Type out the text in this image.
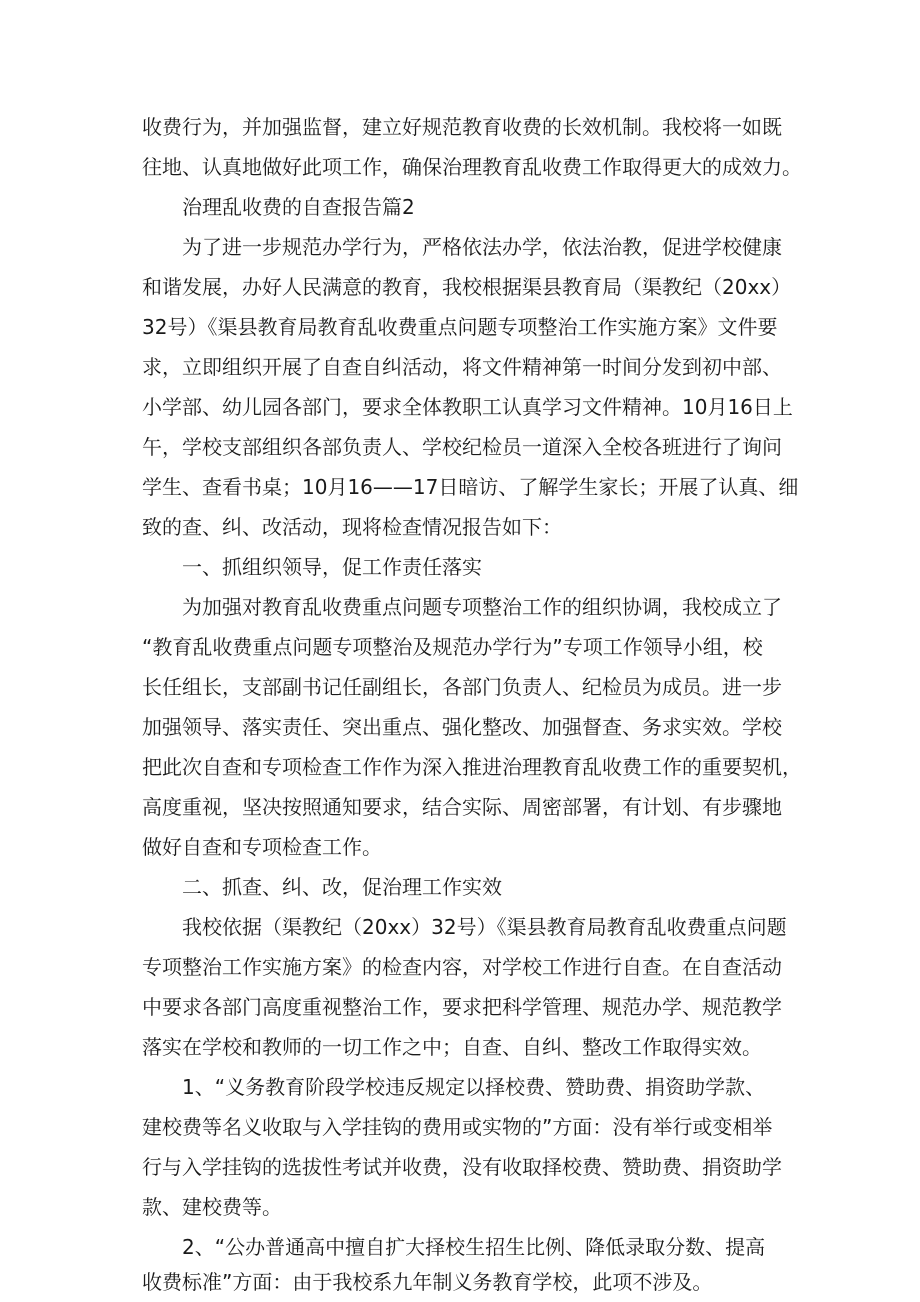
收费行为，并加强监督，建立好规范教育收费的长效机制。我校将一如既
往地、认真地做好此项工作，确保治理教育乱收费工作取得更大的成效力。
治理乱收费的自查报告篇2
为了进一步规范办学行为，严格依法办学，依法治教，促进学校健康
和谐发展，办好人民满意的教育，我校根据渠县教育局（渠教纪（20xx）
32号）《渠县教育局教育乱收费重点问题专项整治工作实施方案》文件要
求，立即组织开展了自查自纠活动，将文件精神第一时间分发到初中部、
小学部、幼儿园各部门，要求全体教职工认真学习文件精神。10月16日上
午，学校支部组织各部负责人、学校纪检员一道深入全校各班进行了询问
学生、查看书桌；10月16——17日暗访、了解学生家长；开展了认真、细
致的查、纠、改活动，现将检查情况报告如下：
一、抓组织领导，促工作责任落实
为加强对教育乱收费重点问题专项整治工作的组织协调，我校成立了
“教育乱收费重点问题专项整治及规范办学行为”专项工作领导小组，校
长任组长，支部副书记任副组长，各部门负责人、纪检员为成员。进一步
加强领导、落实责任、突出重点、强化整改、加强督查、务求实效。学校
把此次自查和专项检查工作作为深入推进治理教育乱收费工作的重要契机，
高度重视，坚决按照通知要求，结合实际、周密部署，有计划、有步骤地
做好自查和专项检查工作。
二、抓查、纠、改，促治理工作实效
我校依据（渠教纪（20xx）32号）《渠县教育局教育乱收费重点问题
专项整治工作实施方案》的检查内容，对学校工作进行自查。在自查活动
中要求各部门高度重视整治工作，要求把科学管理、规范办学、规范教学
落实在学校和教师的一切工作之中；自查、自纠、整改工作取得实效。
1、“义务教育阶段学校违反规定以择校费、赞助费、捐资助学款、
建校费等名义收取与入学挂钩的费用或实物的”方面：没有举行或变相举
行与入学挂钩的选拔性考试并收费，没有收取择校费、赞助费、捐资助学
款、建校费等。
2、“公办普通高中擅自扩大择校生招生比例、降低录取分数、提高
收费标准”方面：由于我校系九年制义务教育学校，此项不涉及。
